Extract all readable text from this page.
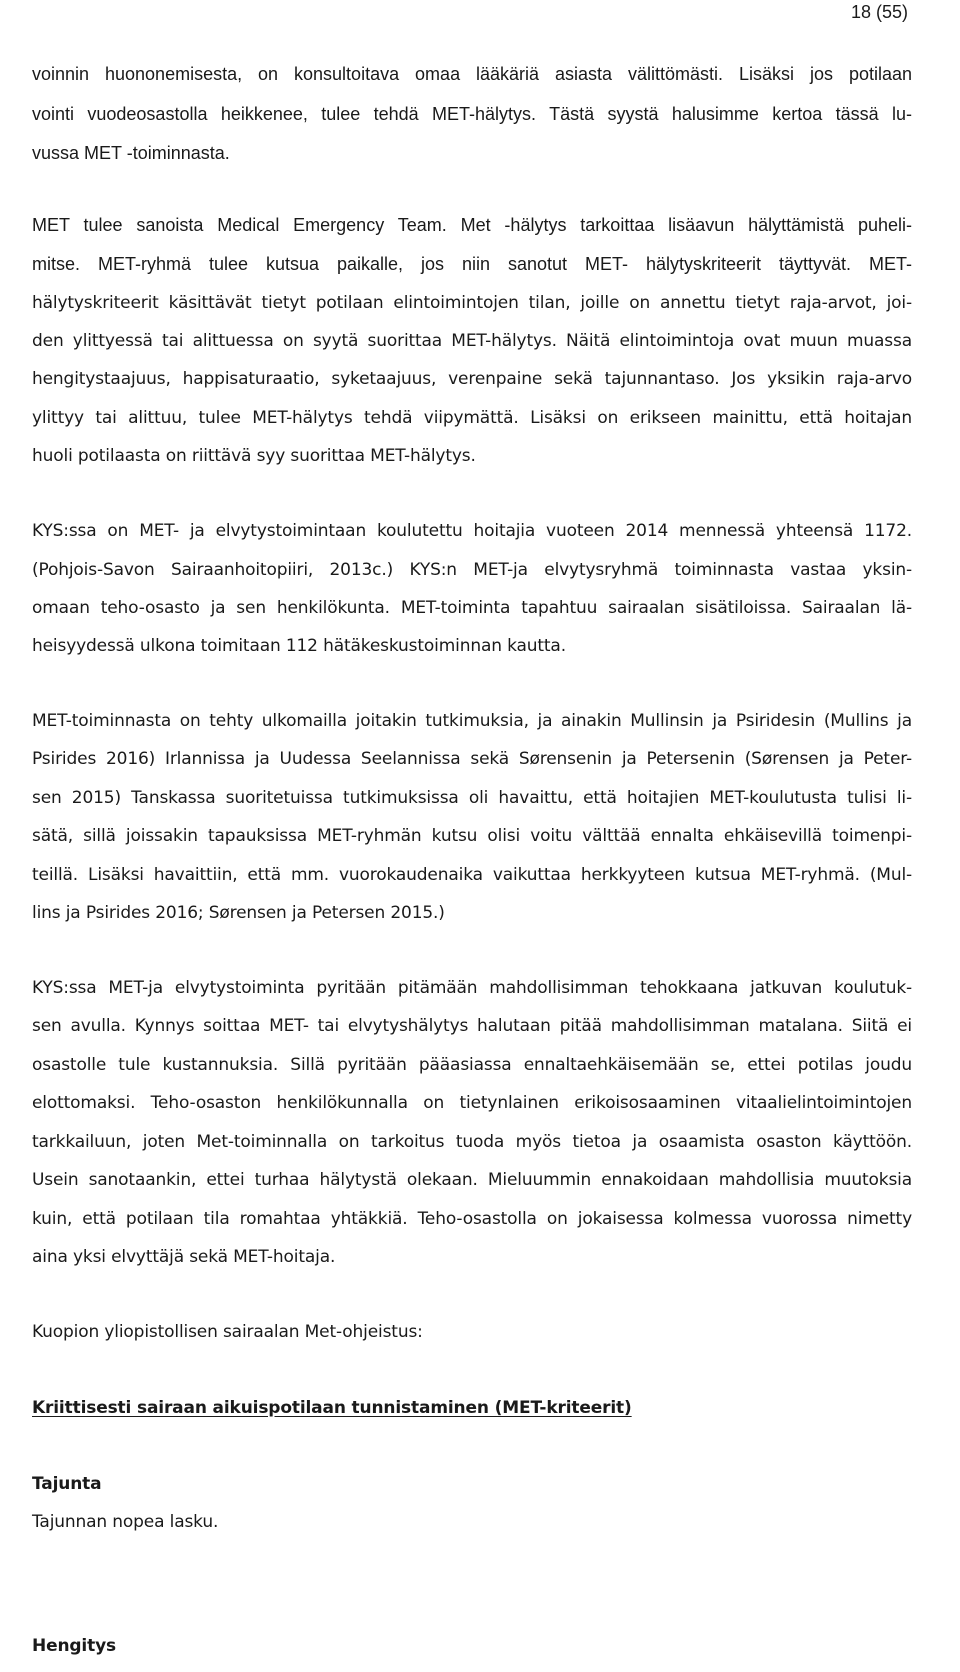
18 (55)
voinnin huononemisesta, on konsultoitava omaa lääkäriä asiasta välittömästi. Lisäksi jos potilaan
vointi vuodeosastolla heikkenee, tulee tehdä MET-hälytys. Tästä syystä halusimme kertoa tässä lu-
vussa MET -toiminnasta.
MET tulee sanoista Medical Emergency Team. Met -hälytys tarkoittaa lisäavun hälyttämistä puheli-
mitse. MET-ryhmä tulee kutsua paikalle, jos niin sanotut MET- hälytyskriteerit täyttyvät. MET-
hälytyskriteerit käsittävät tietyt potilaan elintoimintojen tilan, joille on annettu tietyt raja-arvot, joi-
den ylittyessä tai alittuessa on syytä suorittaa MET-hälytys. Näitä elintoimintoja ovat muun muassa
hengitystaajuus, happisaturaatio, syketaajuus, verenpaine sekä tajunnantaso. Jos yksikin raja-arvo
ylittyy tai alittuu, tulee MET-hälytys tehdä viipymättä. Lisäksi on erikseen mainittu, että hoitajan
huoli potilaasta on riittävä syy suorittaa MET-hälytys.
KYS:ssa on MET- ja elvytystoimintaan koulutettu hoitajia vuoteen 2014 mennessä yhteensä 1172.
(Pohjois-Savon Sairaanhoitopiiri, 2013c.) KYS:n MET-ja elvytysryhmä toiminnasta vastaa yksin-
omaan teho-osasto ja sen henkilökunta. MET-toiminta tapahtuu sairaalan sisätiloissa. Sairaalan lä-
heisyydessä ulkona toimitaan 112 hätäkeskustoiminnan kautta.
MET-toiminnasta on tehty ulkomailla joitakin tutkimuksia, ja ainakin Mullinsin ja Psiridesin (Mullins ja
Psirides 2016) Irlannissa ja Uudessa Seelannissa sekä Sørensenin ja Petersenin (Sørensen ja Peter-
sen 2015) Tanskassa suoritetuissa tutkimuksissa oli havaittu, että hoitajien MET-koulutusta tulisi li-
sätä, sillä joissakin tapauksissa MET-ryhmän kutsu olisi voitu välttää ennalta ehkäisevillä toimenpi-
teillä. Lisäksi havaittiin, että mm. vuorokaudenaika vaikuttaa herkkyyteen kutsua MET-ryhmä. (Mul-
lins ja Psirides 2016; Sørensen ja Petersen 2015.)
KYS:ssa MET-ja elvytystoiminta pyritään pitämään mahdollisimman tehokkaana jatkuvan koulutuk-
sen avulla. Kynnys soittaa MET- tai elvytyshälytys halutaan pitää mahdollisimman matalana. Siitä ei
osastolle tule kustannuksia. Sillä pyritään pääasiassa ennaltaehkäisemään se, ettei potilas joudu
elottomaksi. Teho-osaston henkilökunnalla on tietynlainen erikoisosaaminen vitaalielintoimintojen
tarkkailuun, joten Met-toiminnalla on tarkoitus tuoda myös tietoa ja osaamista osaston käyttöön.
Usein sanotaankin, ettei turhaa hälytystä olekaan. Mieluummin ennakoidaan mahdollisia muutoksia
kuin, että potilaan tila romahtaa yhtäkkiä. Teho-osastolla on jokaisessa kolmessa vuorossa nimetty
aina yksi elvyttäjä sekä MET-hoitaja.
Kuopion yliopistollisen sairaalan Met-ohjeistus:
Kriittisesti sairaan aikuispotilaan tunnistaminen (MET-kriteerit)
Tajunta
Tajunnan nopea lasku.
Hengitys
